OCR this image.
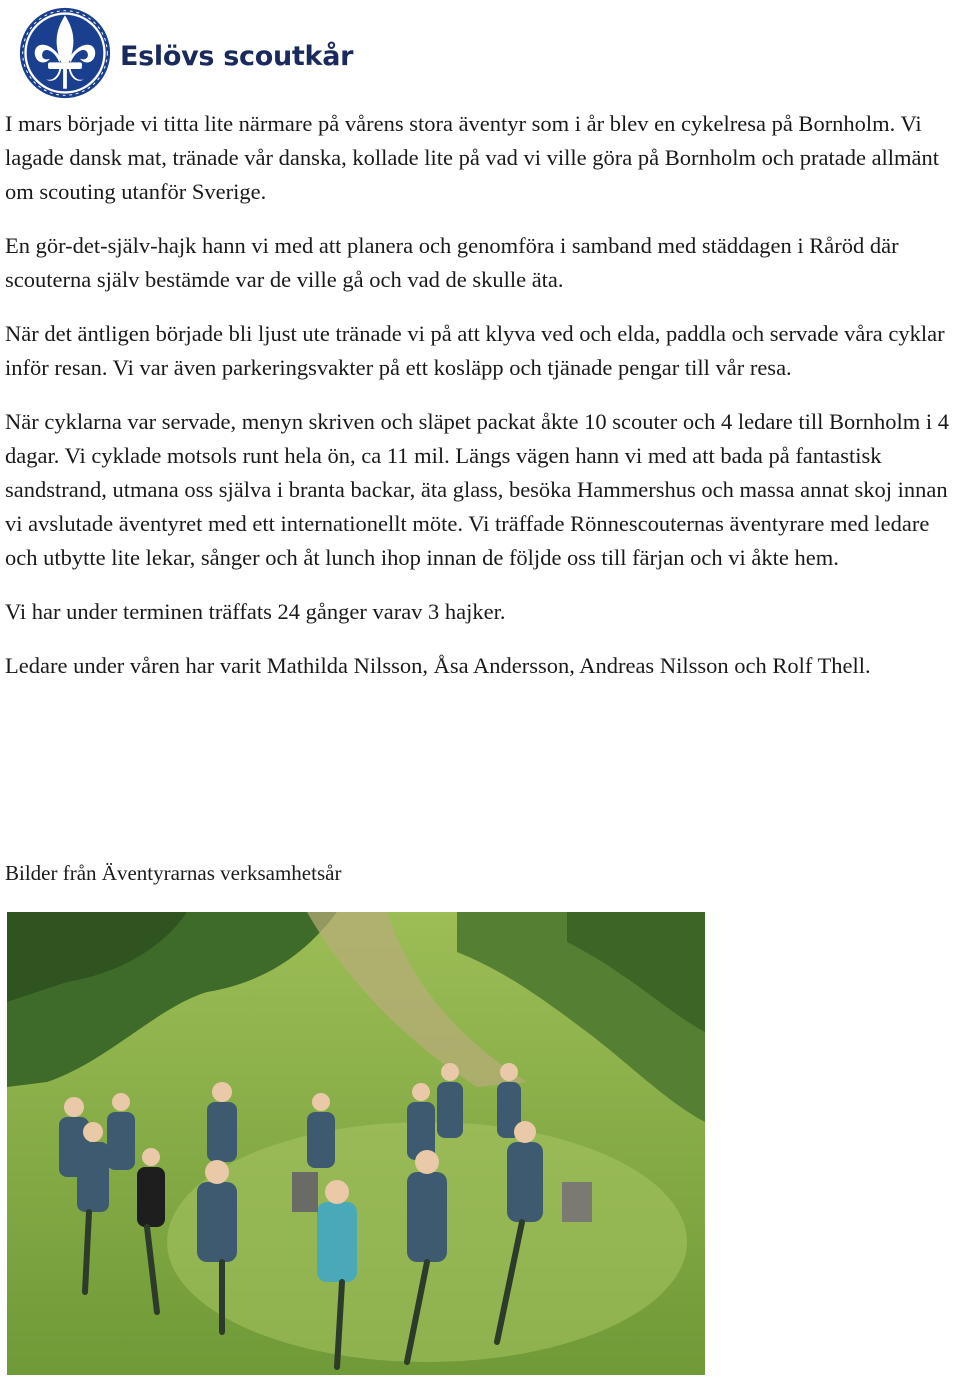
Eslövs scoutkår

I mars började vi titta lite närmare på vårens stora äventyr som i år blev en cykelresa på Bornholm. Vi lagade dansk mat, tränade vår danska, kollade lite på vad vi ville göra på Bornholm och pratade allmänt om scouting utanför Sverige.

En gör-det-själv-hajk hann vi med att planera och genomföra i samband med städdagen i Råröd där scouterna själv bestämde var de ville gå och vad de skulle äta.

När det äntligen började bli ljust ute tränade vi på att klyva ved och elda, paddla och servade våra cyklar inför resan. Vi var även parkeringsvakter på ett kosläpp och tjänade pengar till vår resa.

När cyklarna var servade, menyn skriven och släpet packat åkte 10 scouter och 4 ledare till Bornholm i 4 dagar. Vi cyklade motsols runt hela ön, ca 11 mil. Längs vägen hann vi med att bada på fantastisk sandstrand, utmana oss själva i branta backar, äta glass, besöka Hammershus och massa annat skoj innan vi avslutade äventyret med ett internationellt möte. Vi träffade Rönnescouternas äventyrare med ledare och utbytte lite lekar, sånger och åt lunch ihop innan de följde oss till färjan och vi åkte hem.

Vi har under terminen träffats 24 gånger varav 3 hajker.

Ledare under våren har varit Mathilda Nilsson, Åsa Andersson, Andreas Nilsson och Rolf Thell.

Bilder från Äventyrarnas verksamhetsår
